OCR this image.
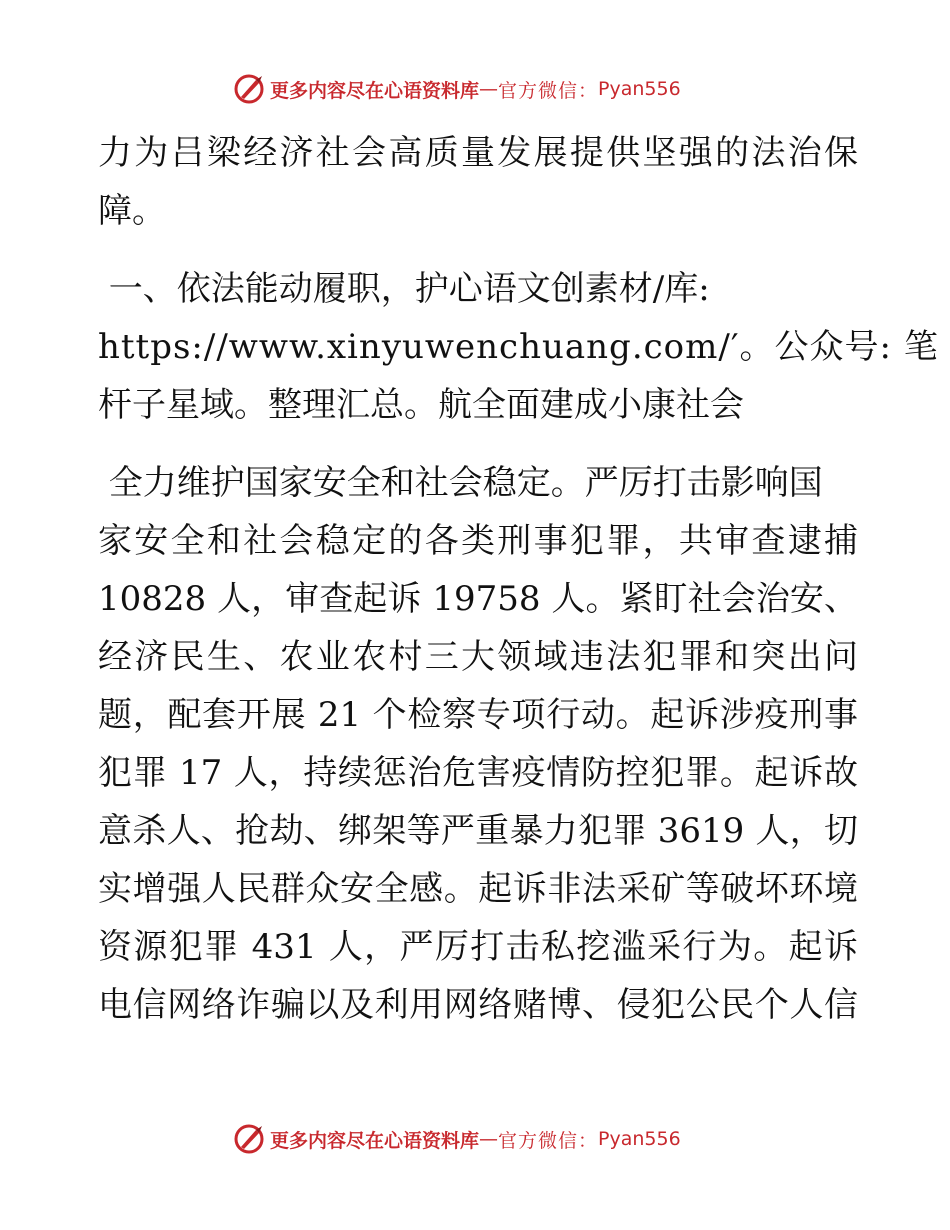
更多内容尽在心语资料库 — 官方微信： Pyan556
力为吕梁经济社会高质量发展提供坚强的法治保
障。
一、依法能动履职，护心语文创素材/库:
https://www.xinyuwenchuang.com/′。公众号: 笔
杆子星域。整理汇总。航全面建成小康社会
全力维护国家安全和社会稳定。严厉打击影响国
家安全和社会稳定的各类刑事犯罪，共审查逮捕
10828 人，审查起诉 19758 人。紧盯社会治安、
经济民生、农业农村三大领域违法犯罪和突出问
题，配套开展 21 个检察专项行动。起诉涉疫刑事
犯罪 17 人，持续惩治危害疫情防控犯罪。起诉故
意杀人、抢劫、绑架等严重暴力犯罪 3619 人，切
实增强人民群众安全感。起诉非法采矿等破坏环境
资源犯罪 431 人，严厉打击私挖滥采行为。起诉
电信网络诈骗以及利用网络赌博、侵犯公民个人信
更多内容尽在心语资料库 — 官方微信： Pyan556
